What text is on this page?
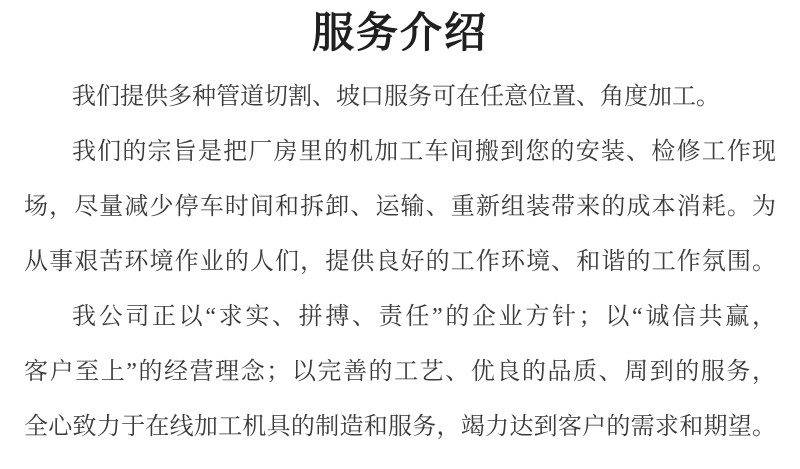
服务介绍
我们提供多种管道切割、坡口服务可在任意位置、角度加工。
我们的宗旨是把厂房里的机加工车间搬到您的安装、检修工作现
场，尽量减少停车时间和拆卸、运输、重新组装带来的成本消耗。为
从事艰苦环境作业的人们，提供良好的工作环境、和谐的工作氛围。
我公司正以“求实、拼搏、责任”的企业方针；以“诚信共赢，
客户至上”的经营理念；以完善的工艺、优良的品质、周到的服务，
全心致力于在线加工机具的制造和服务，竭力达到客户的需求和期望。
